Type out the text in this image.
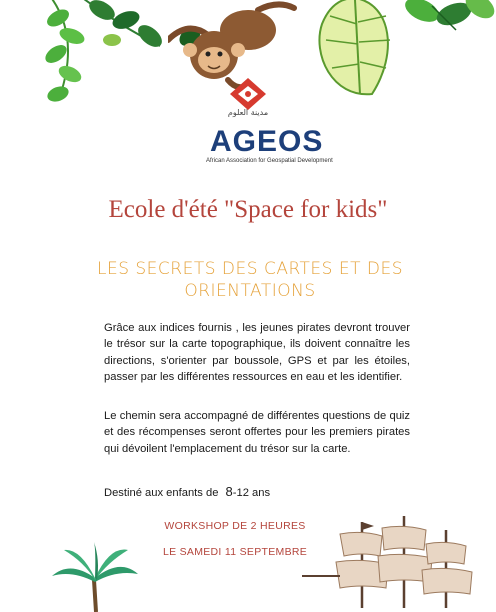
مدينة العلوم
AGEOS
African Association for Geospatial Development
Ecole d'été "Space for kids"
LES SECRETS DES CARTES ET DES ORIENTATIONS

Grâce aux indices fournis , les jeunes pirates devront trouver le trésor sur la carte topographique, ils doivent connaître les directions, s'orienter par boussole, GPS et par les étoiles, passer par les différentes ressources en eau et les identifier.

Le chemin sera accompagné de différentes questions de quiz et des récompenses seront offertes pour les premiers pirates qui dévoilent l'emplacement du trésor sur la carte.

Destiné aux enfants de 8-12 ans
WORKSHOP DE 2 HEURES
LE SAMEDI 11 SEPTEMBRE
